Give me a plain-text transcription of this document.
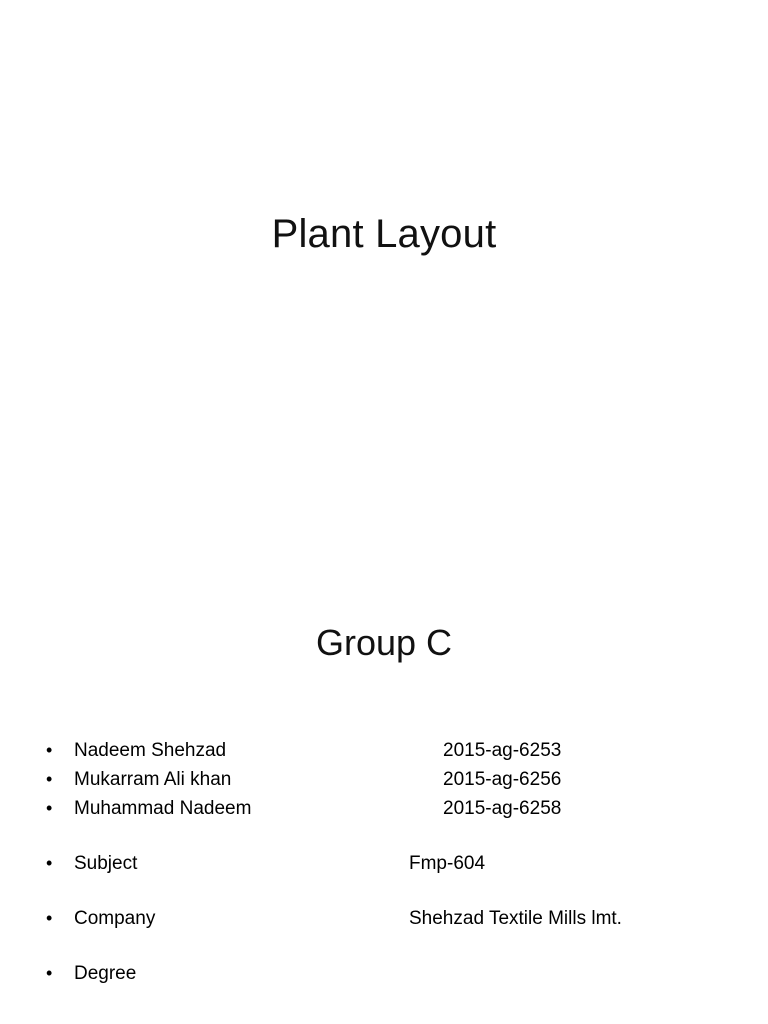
Plant Layout
Group C
•	Nadeem Shehzad	2015-ag-6253
•	Mukarram Ali khan	2015-ag-6256
•	Muhammad Nadeem	2015-ag-6258
•	Subject	Fmp-604
•	Company	Shehzad Textile Mills lmt.
•	Degree
